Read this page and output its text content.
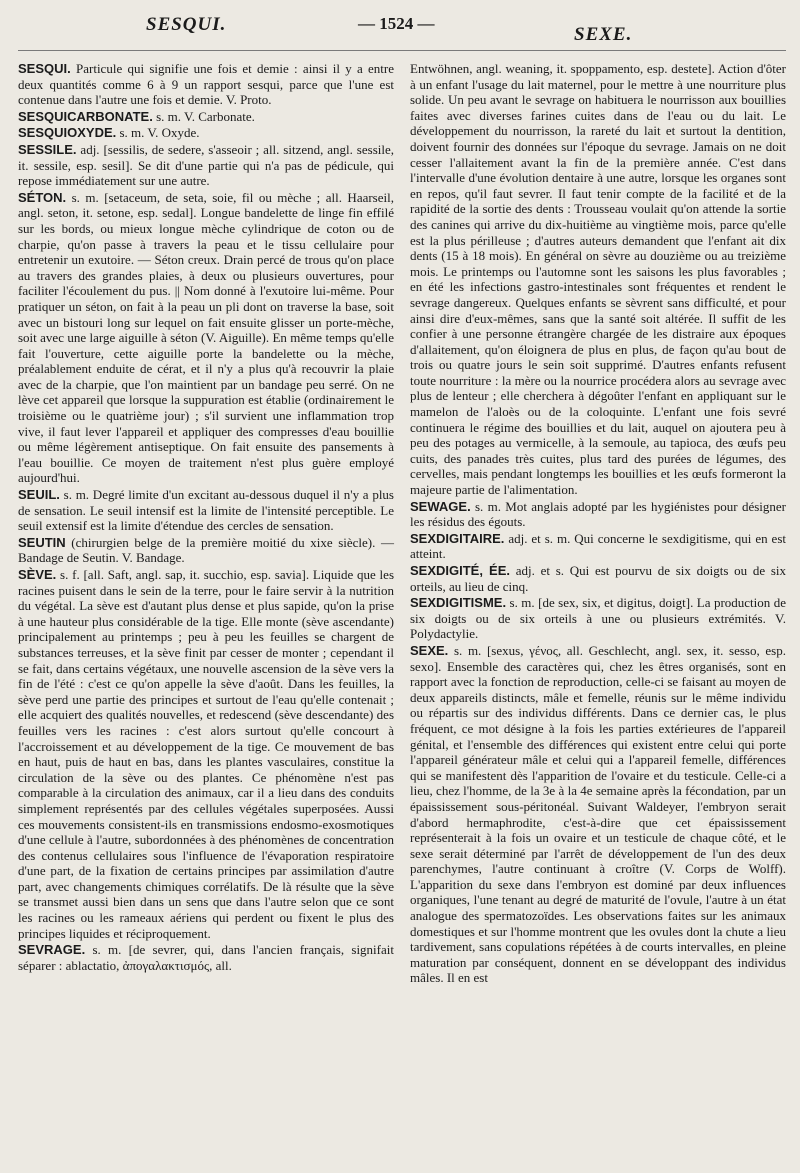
SESQUI.	— 1524 —
SEXE.

SESQUI. Particule qui signifie une fois et demie : ainsi il y a entre deux quantités comme 6 à 9 un rapport sesqui, parce que l'une est contenue dans l'autre une fois et demie. V. Proto.

SESQUICARBONATE. s. m. V. Carbonate.

SESQUIOXYDE. s. m. V. Oxyde.

SESSILE. adj. [sessilis, de sedere, s'asseoir ; all. sitzend, angl. sessile, it. sessile, esp. sesil]. Se dit d'une partie qui n'a pas de pédicule, qui repose immédiatement sur une autre.

SÉTON. s. m. [setaceum, de seta, soie, fil ou mèche ; all. Haarseil, angl. seton, it. setone, esp. sedal]. Longue bandelette de linge fin effilé sur les bords, ou mieux longue mèche cylindrique de coton ou de charpie, qu'on passe à travers la peau et le tissu cellulaire pour entretenir un exutoire. — Séton creux. Drain percé de trous qu'on place au travers des grandes plaies, à deux ou plusieurs ouvertures, pour faciliter l'écoulement du pus. || Nom donné à l'exutoire lui-même. Pour pratiquer un séton, on fait à la peau un pli dont on traverse la base, soit avec un bistouri long sur lequel on fait ensuite glisser un porte-mèche, soit avec une large aiguille à séton (V. Aiguille). En même temps qu'elle fait l'ouverture, cette aiguille porte la bandelette ou la mèche, préalablement enduite de cérat, et il n'y a plus qu'à recouvrir la plaie avec de la charpie, que l'on maintient par un bandage peu serré. On ne lève cet appareil que lorsque la suppuration est établie (ordinairement le troisième ou le quatrième jour) ; s'il survient une inflammation trop vive, il faut lever l'appareil et appliquer des compresses d'eau bouillie ou même légèrement antiseptique. On fait ensuite des pansements à l'eau bouillie. Ce moyen de traitement n'est plus guère employé aujourd'hui.

SEUIL. s. m. Degré limite d'un excitant au-dessous duquel il n'y a plus de sensation. Le seuil intensif est la limite de l'intensité perceptible. Le seuil extensif est la limite d'étendue des cercles de sensation.

SEUTIN (chirurgien belge de la première moitié du xixe siècle). — Bandage de Seutin. V. Bandage.

SÈVE. s. f. [all. Saft, angl. sap, it. succhio, esp. savia]. Liquide que les racines puisent dans le sein de la terre, pour le faire servir à la nutrition du végétal. La sève est d'autant plus dense et plus sapide, qu'on la prise à une hauteur plus considérable de la tige. Elle monte (sève ascendante) principalement au printemps ; peu à peu les feuilles se chargent de substances terreuses, et la sève finit par cesser de monter ; cependant il se fait, dans certains végétaux, une nouvelle ascension de la sève vers la fin de l'été : c'est ce qu'on appelle la sève d'août. Dans les feuilles, la sève perd une partie des principes et surtout de l'eau qu'elle contenait ; elle acquiert des qualités nouvelles, et redescend (sève descendante) des feuilles vers les racines : c'est alors surtout qu'elle concourt à l'accroissement et au développement de la tige. Ce mouvement de bas en haut, puis de haut en bas, dans les plantes vasculaires, constitue la circulation de la sève ou des plantes. Ce phénomène n'est pas comparable à la circulation des animaux, car il a lieu dans des conduits simplement représentés par des cellules végétales superposées. Aussi ces mouvements consistent-ils en transmissions endosmo-exosmotiques d'une cellule à l'autre, subordonnées à des phénomènes de concentration des contenus cellulaires sous l'influence de l'évaporation respiratoire d'une part, de la fixation de certains principes par assimilation d'autre part, avec changements chimiques corrélatifs. De là résulte que la sève se transmet aussi bien dans un sens que dans l'autre selon que ce sont les racines ou les rameaux aériens qui perdent ou fixent le plus des principes liquides et réciproquement.

SEVRAGE. s. m. [de sevrer, qui, dans l'ancien français, signifait séparer : ablactatio, ἀπογαλακτισμός, all.

Entwöhnen, angl. weaning, it. spoppamento, esp. destete]. Action d'ôter à un enfant l'usage du lait maternel, pour le mettre à une nourriture plus solide. Un peu avant le sevrage on habituera le nourrisson aux bouillies faites avec diverses farines cuites dans de l'eau ou du lait. Le développement du nourrisson, la rareté du lait et surtout la dentition, doivent fournir des données sur l'époque du sevrage. Jamais on ne doit cesser l'allaitement avant la fin de la première année. C'est dans l'intervalle d'une évolution dentaire à une autre, lorsque les organes sont en repos, qu'il faut sevrer. Il faut tenir compte de la facilité et de la rapidité de la sortie des dents : Trousseau voulait qu'on attende la sortie des canines qui arrive du dix-huitième au vingtième mois, parce qu'elle est la plus périlleuse ; d'autres auteurs demandent que l'enfant ait dix dents (15 à 18 mois). En général on sèvre au douzième ou au treizième mois. Le printemps ou l'automne sont les saisons les plus favorables ; en été les infections gastro-intestinales sont fréquentes et rendent le sevrage dangereux. Quelques enfants se sèvrent sans difficulté, et pour ainsi dire d'eux-mêmes, sans que la santé soit altérée. Il suffit de les confier à une personne étrangère chargée de les distraire aux époques d'allaitement, qu'on éloignera de plus en plus, de façon qu'au bout de trois ou quatre jours le sein soit supprimé. D'autres enfants refusent toute nourriture : la mère ou la nourrice procédera alors au sevrage avec plus de lenteur ; elle cherchera à dégoûter l'enfant en appliquant sur le mamelon de l'aloès ou de la coloquinte. L'enfant une fois sevré continuera le régime des bouillies et du lait, auquel on ajoutera peu à peu des potages au vermicelle, à la semoule, au tapioca, des œufs peu cuits, des panades très cuites, plus tard des purées de légumes, des cervelles, mais pendant longtemps les bouillies et les œufs formeront la majeure partie de l'alimentation.

SEWAGE. s. m. Mot anglais adopté par les hygiénistes pour désigner les résidus des égouts.

SEXDIGITAIRE. adj. et s. m. Qui concerne le sexdigitisme, qui en est atteint.

SEXDIGITÉ, ÉE. adj. et s. Qui est pourvu de six doigts ou de six orteils, au lieu de cinq.

SEXDIGITISME. s. m. [de sex, six, et digitus, doigt]. La production de six doigts ou de six orteils à une ou plusieurs extrémités. V. Polydactylie.

SEXE. s. m. [sexus, γένος, all. Geschlecht, angl. sex, it. sesso, esp. sexo]. Ensemble des caractères qui, chez les êtres organisés, sont en rapport avec la fonction de reproduction, celle-ci se faisant au moyen de deux appareils distincts, mâle et femelle, réunis sur le même individu ou répartis sur des individus différents. Dans ce dernier cas, le plus fréquent, ce mot désigne à la fois les parties extérieures de l'appareil génital, et l'ensemble des différences qui existent entre celui qui porte l'appareil générateur mâle et celui qui a l'appareil femelle, différences qui se manifestent dès l'apparition de l'ovaire et du testicule. Celle-ci a lieu, chez l'homme, de la 3e à la 4e semaine après la fécondation, par un épaississement sous-péritonéal. Suivant Waldeyer, l'embryon serait d'abord hermaphrodite, c'est-à-dire que cet épaississement représenterait à la fois un ovaire et un testicule de chaque côté, et le sexe serait déterminé par l'arrêt de développement de l'un des deux parenchymes, l'autre continuant à croître (V. Corps de Wolff). L'apparition du sexe dans l'embryon est dominé par deux influences organiques, l'une tenant au degré de maturité de l'ovule, l'autre à un état analogue des spermatozoïdes. Les observations faites sur les animaux domestiques et sur l'homme montrent que les ovules dont la chute a lieu tardivement, sans copulations répétées à de courts intervalles, en pleine maturation par conséquent, donnent en se développant des individus mâles. Il en est
